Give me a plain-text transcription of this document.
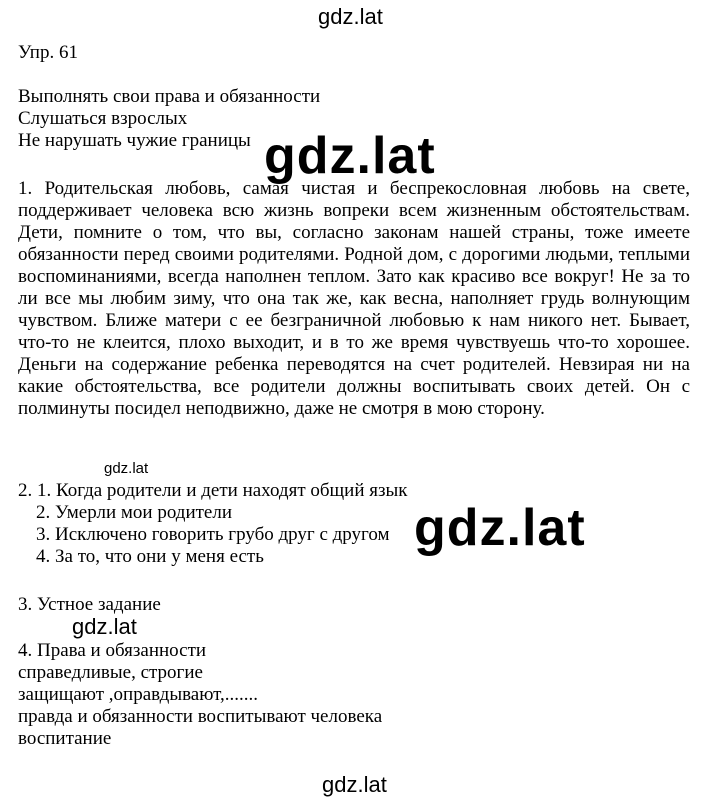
gdz.lat
Упр. 61
Выполнять свои права и обязанности
Слушаться взрослых
Не нарушать чужие границы gdz.lat

1. Родительская любовь, самая чистая и беспрекословная любовь на свете, поддерживает человека всю жизнь вопреки всем жизненным обстоятельствам. Дети, помните о том, что вы, согласно законам нашей страны, тоже имеете обязанности перед своими родителями. Родной дом, с дорогими людьми, теплыми воспоминаниями, всегда наполнен теплом. Зато как красиво все вокруг! Не за то ли все мы любим зиму, что она так же, как весна, наполняет грудь волнующим чувством. Ближе матери с ее безграничной любовью к нам никого нет. Бывает, что-то не клеится, плохо выходит, и в то же время чувствуешь что-то хорошее. Деньги на содержание ребенка переводятся на счет родителей. Невзирая ни на какие обстоятельства, все родители должны воспитывать своих детей. Он с полминуты посидел неподвижно, даже не смотря в мою сторону.

gdz.lat
2. 1. Когда родители и дети находят общий язык
2. Умерли мои родители
3. Исключено говорить грубо друг с другом
4. За то, что они у меня есть	gdz.lat
3. Устное задание
gdz.lat
4. Права и обязанности
справедливые, строгие
защищают ,оправдывают,.......
правда и обязанности воспитывают человека
воспитание
gdz.lat
